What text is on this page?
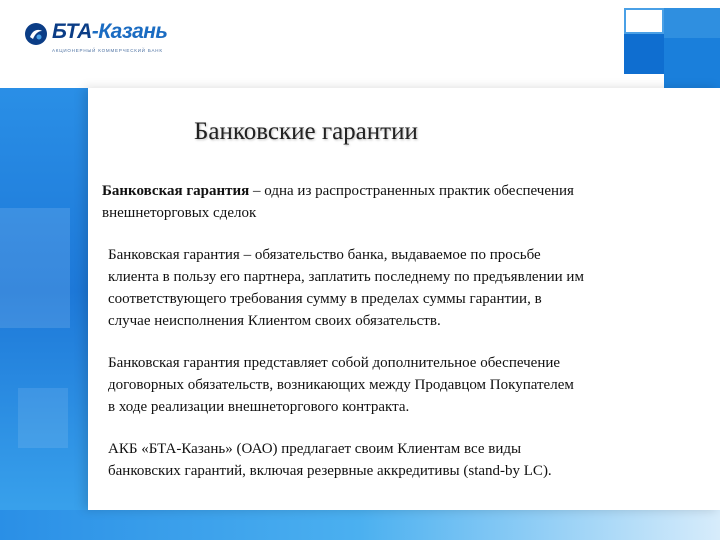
БТА-Казань
АКЦИОНЕРНЫЙ КОММЕРЧЕСКИЙ БАНК
Банковские гарантии
Банковская гарантия – одна из распространенных практик обеспечения
внешнеторговых сделок
Банковская гарантия – обязательство банка, выдаваемое по просьбе
клиента в пользу его партнера, заплатить последнему по предъявлении им
соответствующего требования сумму в пределах суммы гарантии, в
случае неисполнения Клиентом своих обязательств.
Банковская гарантия представляет собой дополнительное обеспечение
договорных обязательств, возникающих между Продавцом Покупателем
в ходе реализации внешнеторгового контракта.
АКБ «БТА-Казань» (ОАО) предлагает своим Клиентам все виды
банковских гарантий, включая резервные аккредитивы (stand-by LC).
